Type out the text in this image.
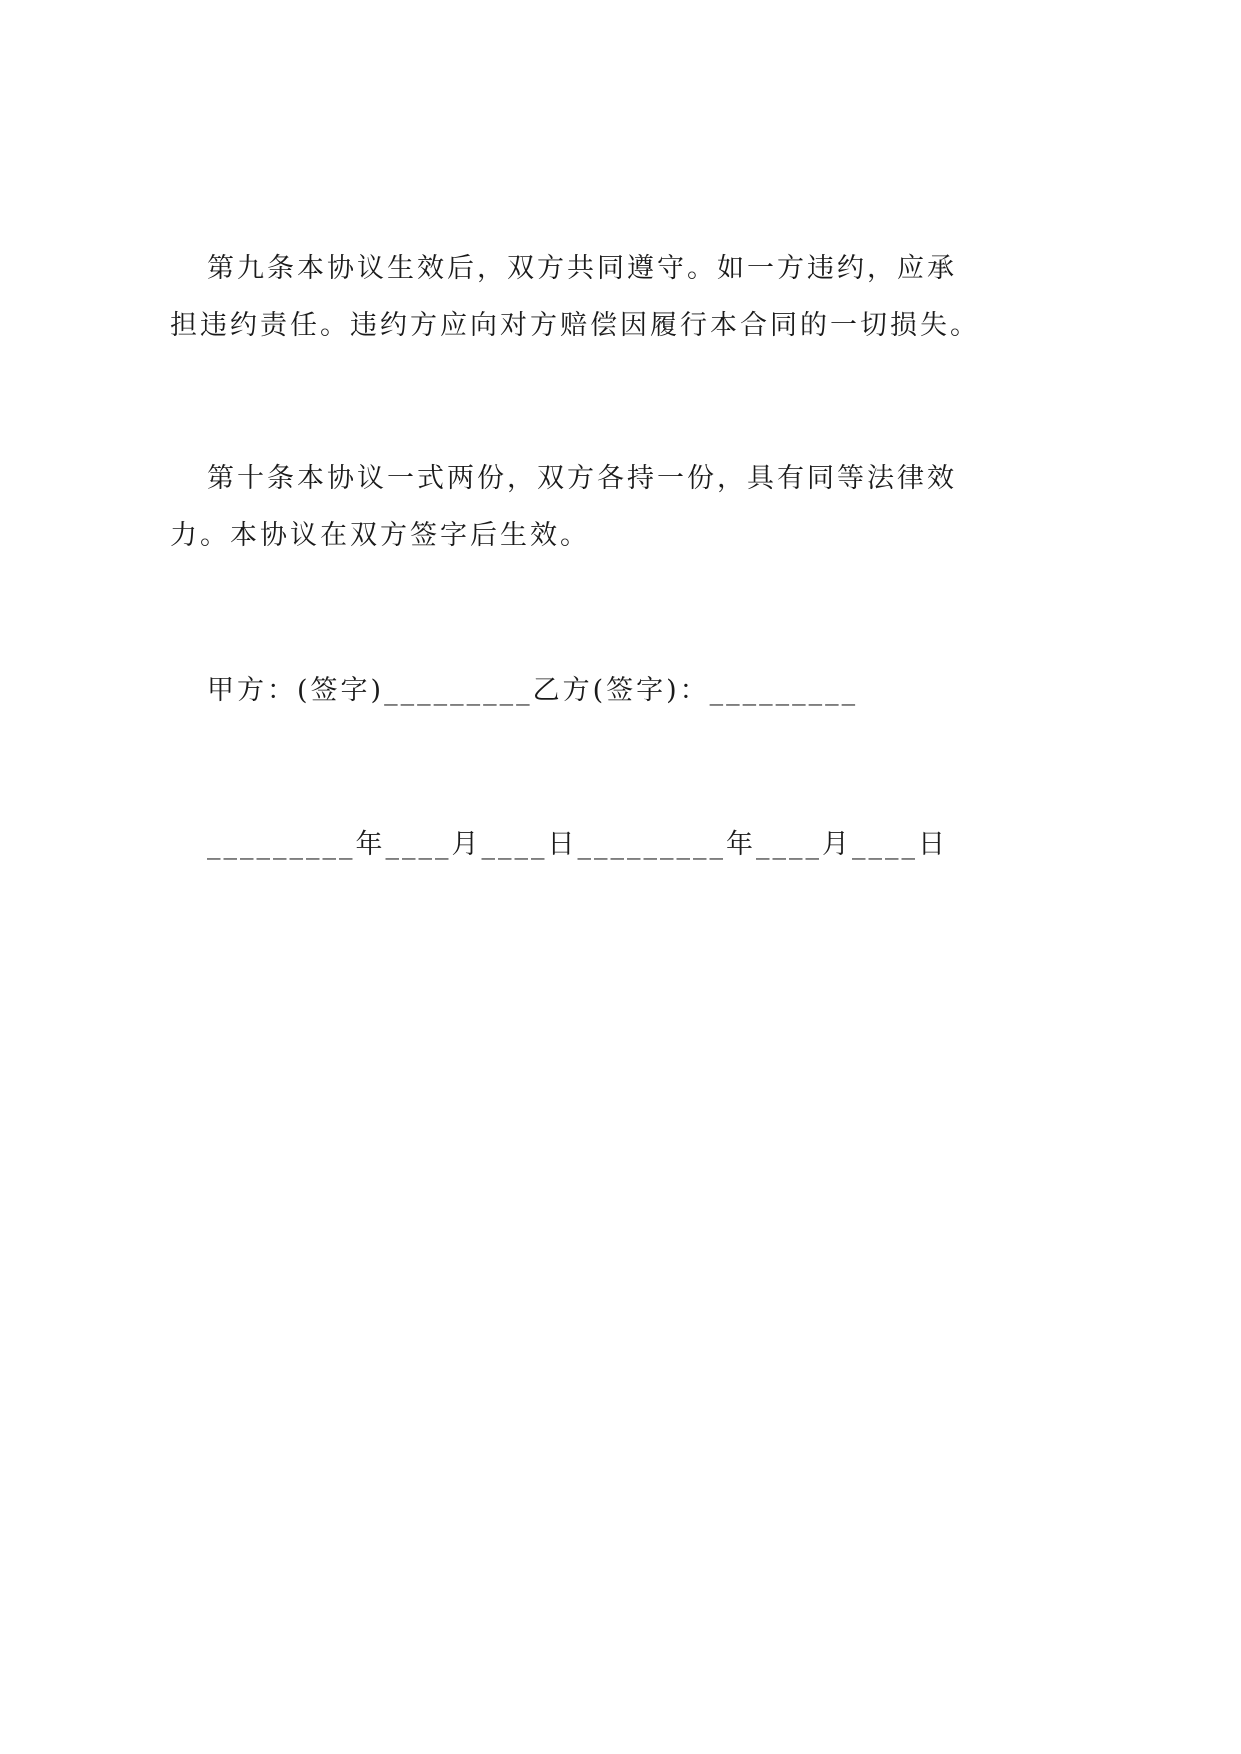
第九条本协议生效后，双方共同遵守。如一方违约，应承
担违约责任。违约方应向对方赔偿因履行本合同的一切损失。
第十条本协议一式两份，双方各持一份，具有同等法律效
力。本协议在双方签字后生效。
甲方：(签字)_________乙方(签字)：_________
_________年____月____日_________年____月____日
